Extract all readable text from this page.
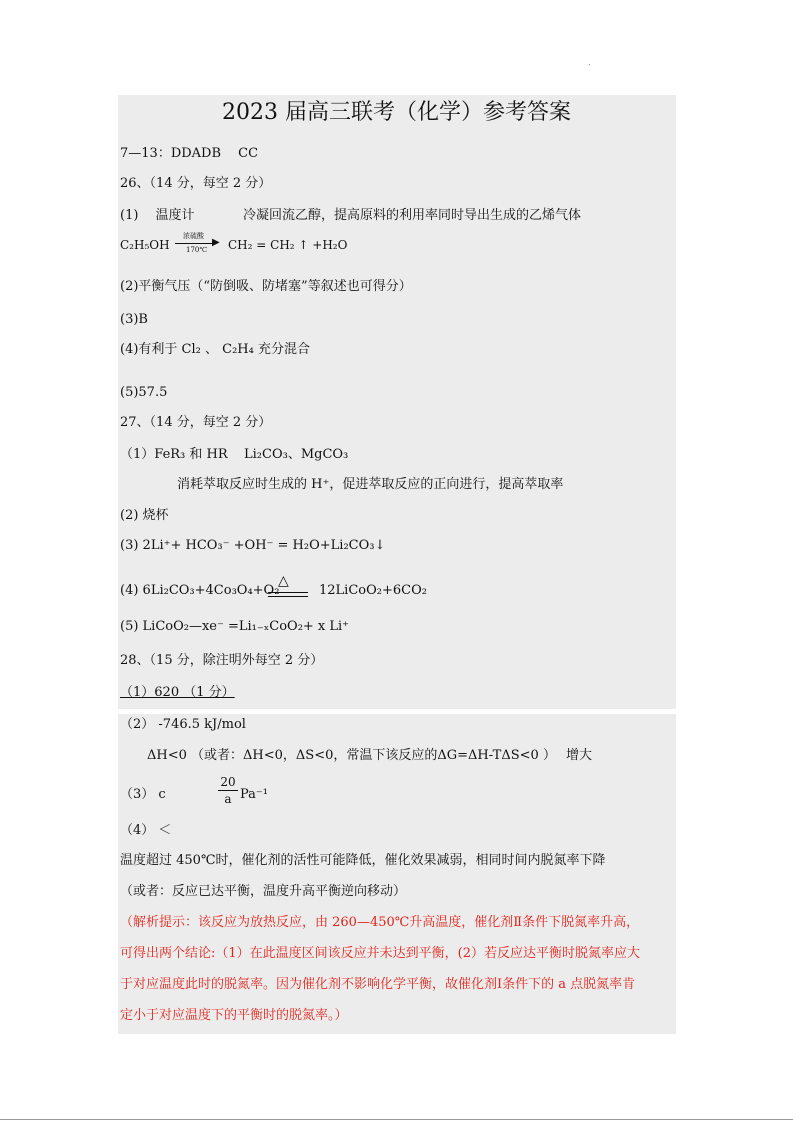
.
2023 届高三联考（化学）参考答案
7—13：DDADB　 CC
26、（14 分，每空 2 分）
(1)　 温度计	冷凝回流乙醇，提高原料的利用率同时导出生成的乙烯气体
C₂H₅OH
浓硫酸
▶
170℃ CH₂ = CH₂ ↑ +H₂O
(2)平衡气压（“防倒吸、防堵塞”等叙述也可得分）
(3)B
(4)有利于 Cl₂ 、 C₂H₄ 充分混合
(5)57.5
27、（14 分，每空 2 分）
（1）FeR₃ 和 HR Li₂CO₃、MgCO₃
消耗萃取反应时生成的 H⁺，促进萃取反应的正向进行，提高萃取率
(2) 烧杯
(3) 2Li⁺+ HCO₃⁻ +OH⁻ = H₂O+Li₂CO₃↓
(4) 6Li₂CO₃+4Co₃O₄+O₂
△
12LiCoO₂+6CO₂
(5) LiCoO₂—xe⁻ =Li₁₋ₓCoO₂+ x Li⁺
28、（15 分，除注明外每空 2 分）
（1）620 （1 分）
（2） -746.5 kJ/mol
ΔH<0 （或者：ΔH<0，ΔS<0，常温下该反应的ΔG=ΔH-TΔS<0 ） 增大
（3） c
20
a Pa⁻¹
（4） ＜
温度超过 450℃时，催化剂的活性可能降低，催化效果减弱，相同时间内脱氮率下降
（或者：反应已达平衡，温度升高平衡逆向移动）
（解析提示：该反应为放热反应，由 260—450℃升高温度，催化剂Ⅱ条件下脱氮率升高，
可得出两个结论:（1）在此温度区间该反应并未达到平衡，(2）若反应达平衡时脱氮率应大
于对应温度此时的脱氮率。因为催化剂不影响化学平衡，故催化剂Ⅰ条件下的 a 点脱氮率肯
定小于对应温度下的平衡时的脱氮率。）
